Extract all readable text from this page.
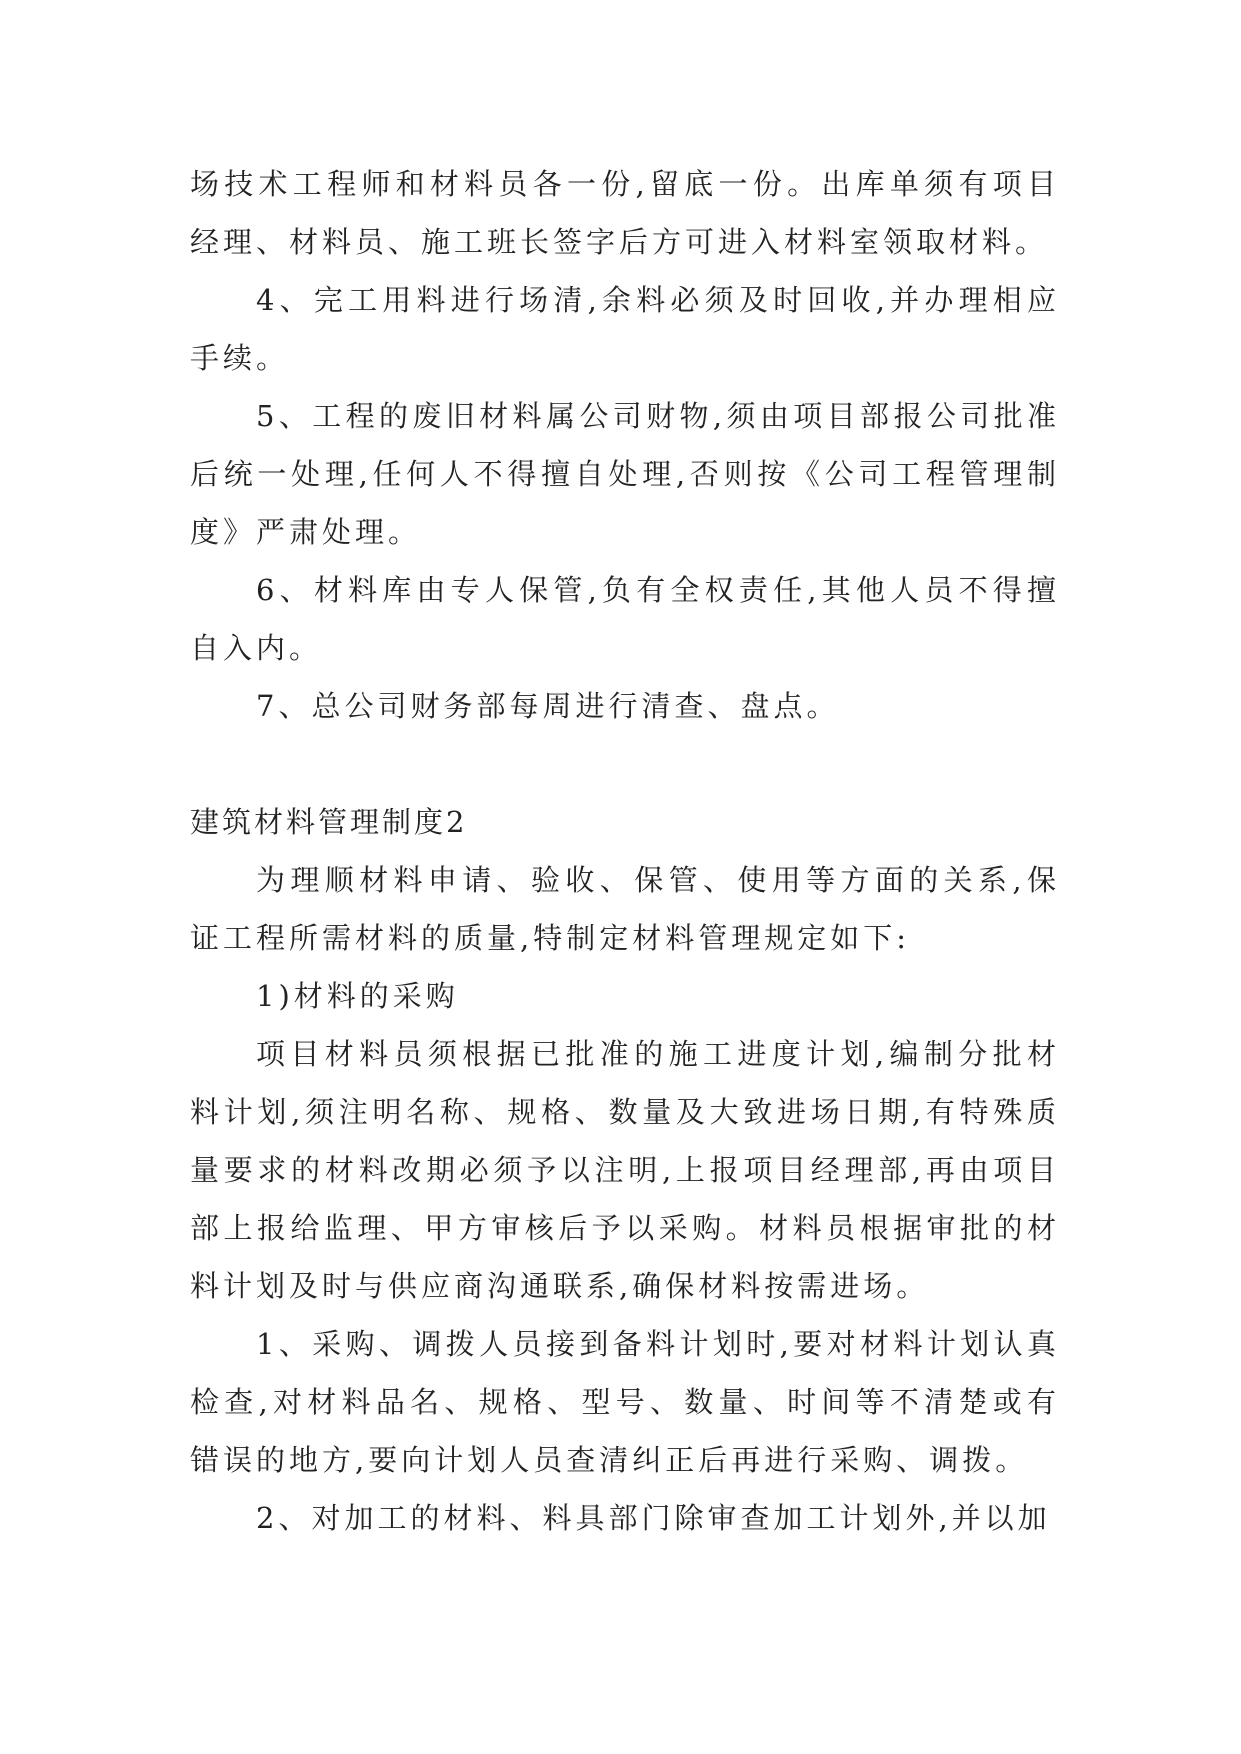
场技术工程师和材料员各一份,留底一份。出库单须有项目经理、材料员、施工班长签字后方可进入材料室领取材料。

4、完工用料进行场清,余料必须及时回收,并办理相应手续。

5、工程的废旧材料属公司财物,须由项目部报公司批准后统一处理,任何人不得擅自处理,否则按《公司工程管理制度》严肃处理。

6、材料库由专人保管,负有全权责任,其他人员不得擅自入内。

7、总公司财务部每周进行清查、盘点。

建筑材料管理制度2

为理顺材料申请、验收、保管、使用等方面的关系,保证工程所需材料的质量,特制定材料管理规定如下:

1)材料的采购

项目材料员须根据已批准的施工进度计划,编制分批材料计划,须注明名称、规格、数量及大致进场日期,有特殊质量要求的材料改期必须予以注明,上报项目经理部,再由项目部上报给监理、甲方审核后予以采购。材料员根据审批的材料计划及时与供应商沟通联系,确保材料按需进场。

1、采购、调拨人员接到备料计划时,要对材料计划认真检查,对材料品名、规格、型号、数量、时间等不清楚或有错误的地方,要向计划人员查清纠正后再进行采购、调拨。

2、对加工的材料、料具部门除审查加工计划外,并以加
